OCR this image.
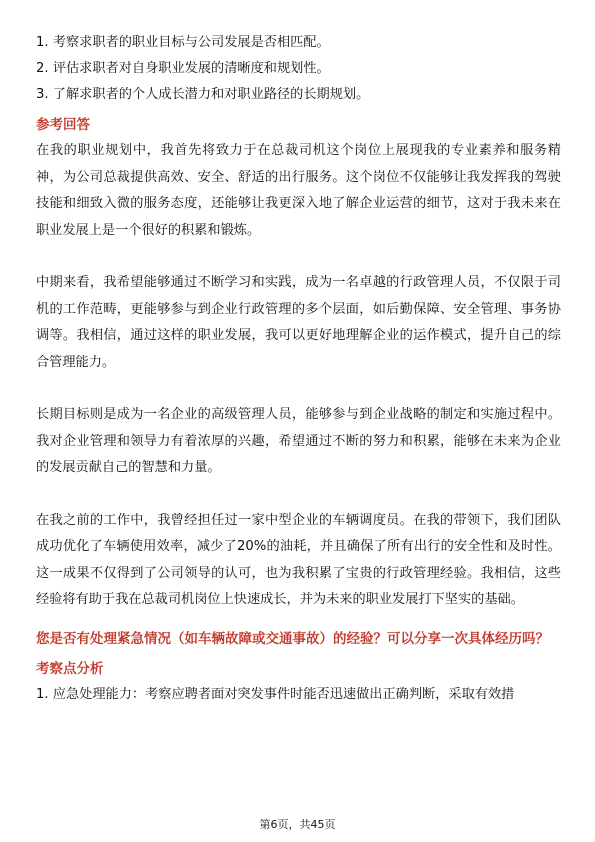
1. 考察求职者的职业目标与公司发展是否相匹配。

2. 评估求职者对自身职业发展的清晰度和规划性。

3. 了解求职者的个人成长潜力和对职业路径的长期规划。

参考回答

在我的职业规划中，我首先将致力于在总裁司机这个岗位上展现我的专业素养和服务精神，为公司总裁提供高效、安全、舒适的出行服务。这个岗位不仅能够让我发挥我的驾驶技能和细致入微的服务态度，还能够让我更深入地了解企业运营的细节，这对于我未来在职业发展上是一个很好的积累和锻炼。

中期来看，我希望能够通过不断学习和实践，成为一名卓越的行政管理人员，不仅限于司机的工作范畴，更能够参与到企业行政管理的多个层面，如后勤保障、安全管理、事务协调等。我相信，通过这样的职业发展，我可以更好地理解企业的运作模式，提升自己的综合管理能力。

长期目标则是成为一名企业的高级管理人员，能够参与到企业战略的制定和实施过程中。我对企业管理和领导力有着浓厚的兴趣，希望通过不断的努力和积累，能够在未来为企业的发展贡献自己的智慧和力量。

在我之前的工作中，我曾经担任过一家中型企业的车辆调度员。在我的带领下，我们团队成功优化了车辆使用效率，减少了20%的油耗，并且确保了所有出行的安全性和及时性。这一成果不仅得到了公司领导的认可，也为我积累了宝贵的行政管理经验。我相信，这些经验将有助于我在总裁司机岗位上快速成长，并为未来的职业发展打下坚实的基础。

您是否有处理紧急情况（如车辆故障或交通事故）的经验？可以分享一次具体经历吗？

考察点分析

1. 应急处理能力：考察应聘者面对突发事件时能否迅速做出正确判断，采取有效措

第6页，共45页
